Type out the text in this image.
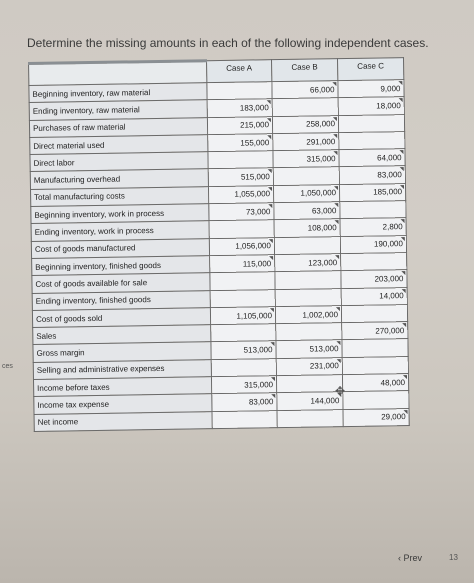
Determine the missing amounts in each of the following independent cases.
ces
	Case A	Case B	Case C
Beginning inventory, raw material		66,000	9,000
Ending inventory, raw material	183,000		18,000
Purchases of raw material	215,000	258,000	
Direct material used	155,000	291,000	
Direct labor		315,000	64,000
Manufacturing overhead	515,000		83,000
Total manufacturing costs	1,055,000	1,050,000	185,000
Beginning inventory, work in process	73,000	63,000	
Ending inventory, work in process		108,000	2,800
Cost of goods manufactured	1,056,000		190,000
Beginning inventory, finished goods	115,000	123,000	
Cost of goods available for sale			203,000
Ending inventory, finished goods			14,000
Cost of goods sold	1,105,000	1,002,000	
Sales			270,000
Gross margin	513,000	513,000	
Selling and administrative expenses		231,000	
Income before taxes	315,000		48,000
Income tax expense	83,000	144,000	
Net income			29,000
✥
‹ Prev	13
